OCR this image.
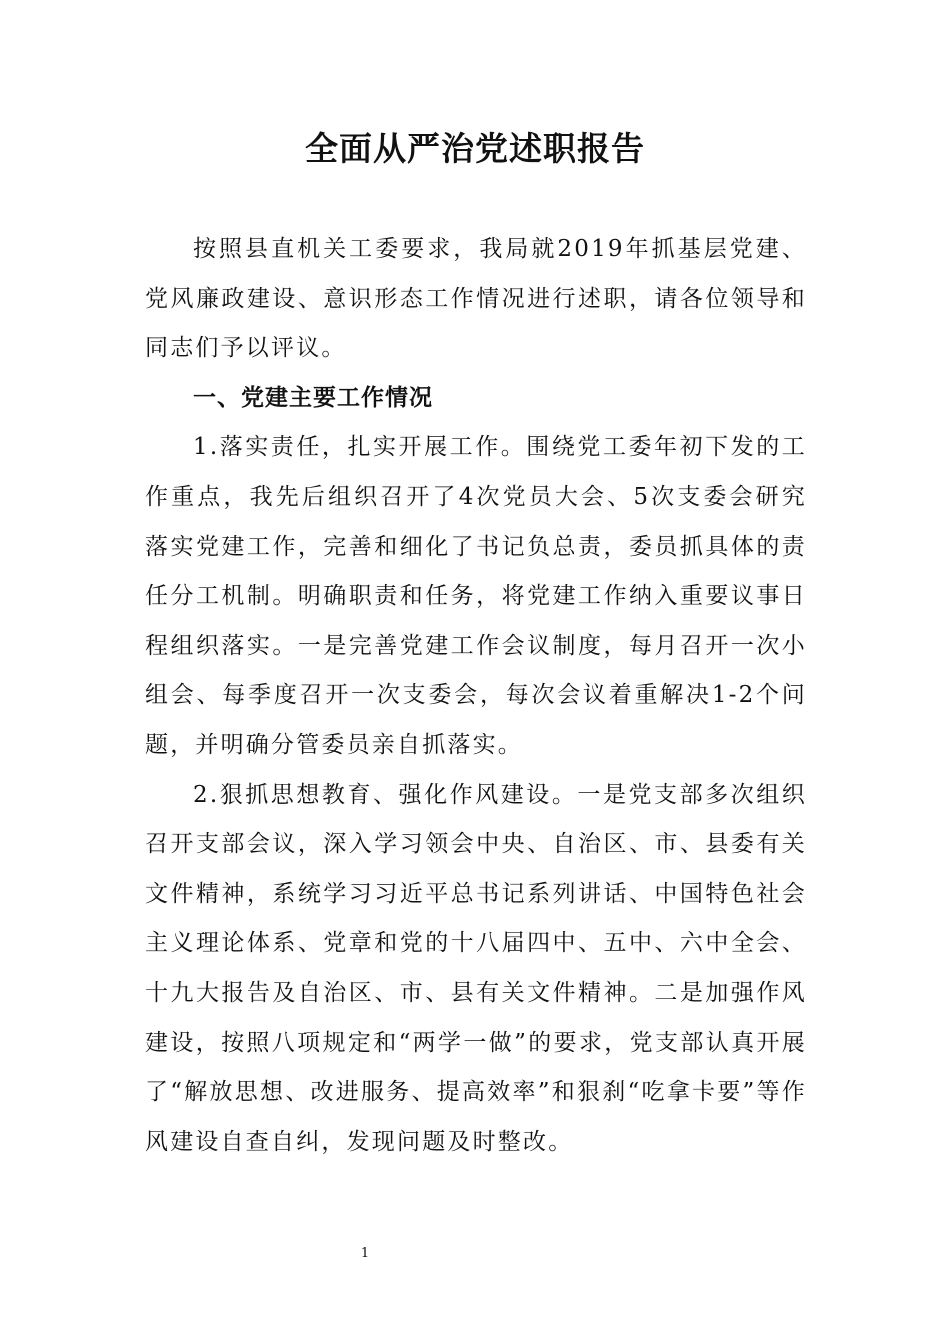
全面从严治党述职报告

按照县直机关工委要求，我局就2019年抓基层党建、党风廉政建设、意识形态工作情况进行述职，请各位领导和同志们予以评议。

一、党建主要工作情况

1.落实责任，扎实开展工作。围绕党工委年初下发的工作重点，我先后组织召开了4次党员大会、5次支委会研究落实党建工作，完善和细化了书记负总责，委员抓具体的责任分工机制。明确职责和任务，将党建工作纳入重要议事日程组织落实。一是完善党建工作会议制度，每月召开一次小组会、每季度召开一次支委会，每次会议着重解决1-2个问题，并明确分管委员亲自抓落实。

2.狠抓思想教育、强化作风建设。一是党支部多次组织召开支部会议，深入学习领会中央、自治区、市、县委有关文件精神，系统学习习近平总书记系列讲话、中国特色社会主义理论体系、党章和党的十八届四中、五中、六中全会、十九大报告及自治区、市、县有关文件精神。二是加强作风建设，按照八项规定和“两学一做”的要求，党支部认真开展了“解放思想、改进服务、提高效率”和狠刹“吃拿卡要”等作风建设自查自纠，发现问题及时整改。

1
